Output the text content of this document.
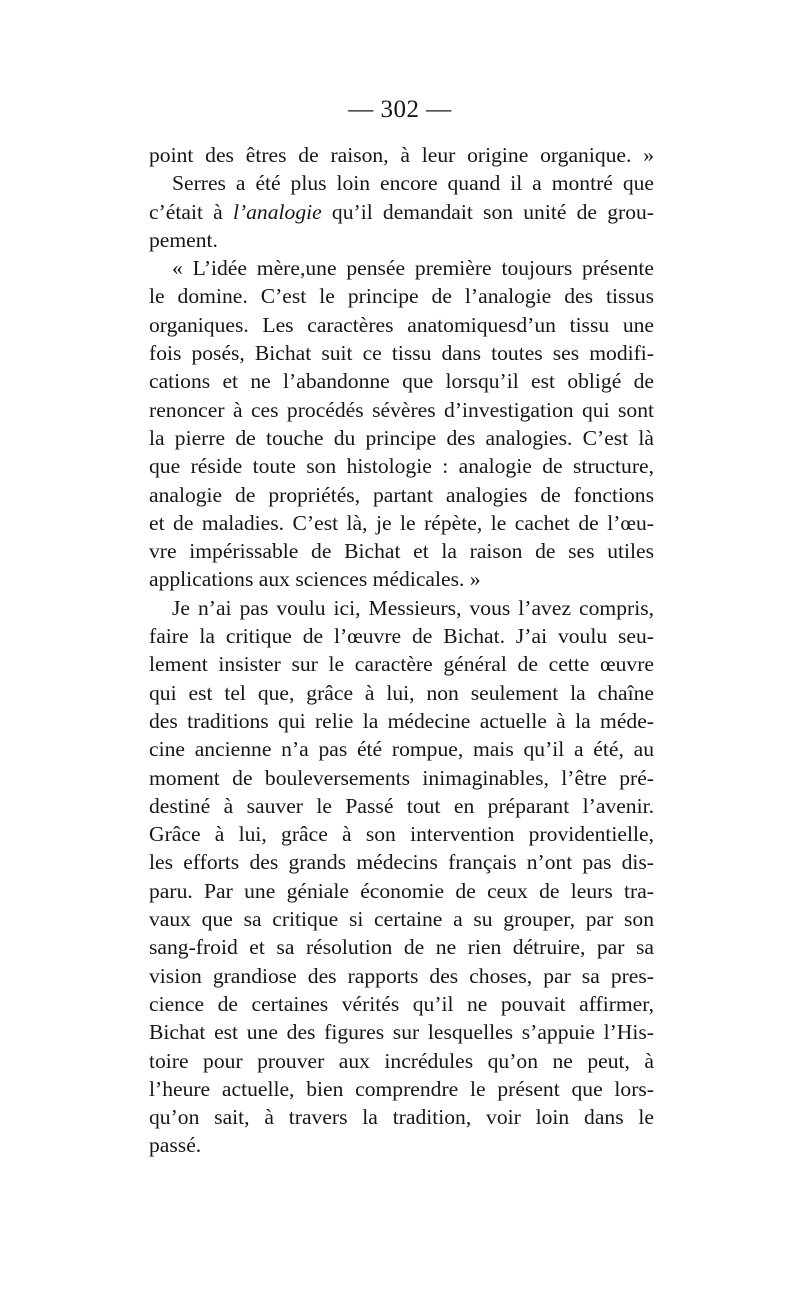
— 302 —
point des êtres de raison, à leur origine organique. »
Serres a été plus loin encore quand il a montré que
c’était à l’analogie qu’il demandait son unité de grou-
pement.
« L’idée mère,une pensée première toujours présente
le domine. C’est le principe de l’analogie des tissus
organiques. Les caractères anatomiquesd’un tissu une
fois posés, Bichat suit ce tissu dans toutes ses modifi-
cations et ne l’abandonne que lorsqu’il est obligé de
renoncer à ces procédés sévères d’investigation qui sont
la pierre de touche du principe des analogies. C’est là
que réside toute son histologie : analogie de structure,
analogie de propriétés, partant analogies de fonctions
et de maladies. C’est là, je le répète, le cachet de l’œu-
vre impérissable de Bichat et la raison de ses utiles
applications aux sciences médicales. »
Je n’ai pas voulu ici, Messieurs, vous l’avez compris,
faire la critique de l’œuvre de Bichat. J’ai voulu seu-
lement insister sur le caractère général de cette œuvre
qui est tel que, grâce à lui, non seulement la chaîne
des traditions qui relie la médecine actuelle à la méde-
cine ancienne n’a pas été rompue, mais qu’il a été, au
moment de bouleversements inimaginables, l’être pré-
destiné à sauver le Passé tout en préparant l’avenir.
Grâce à lui, grâce à son intervention providentielle,
les efforts des grands médecins français n’ont pas dis-
paru. Par une géniale économie de ceux de leurs tra-
vaux que sa critique si certaine a su grouper, par son
sang-froid et sa résolution de ne rien détruire, par sa
vision grandiose des rapports des choses, par sa pres-
cience de certaines vérités qu’il ne pouvait affirmer,
Bichat est une des figures sur lesquelles s’appuie l’His-
toire pour prouver aux incrédules qu’on ne peut, à
l’heure actuelle, bien comprendre le présent que lors-
qu’on sait, à travers la tradition, voir loin dans le
passé.
